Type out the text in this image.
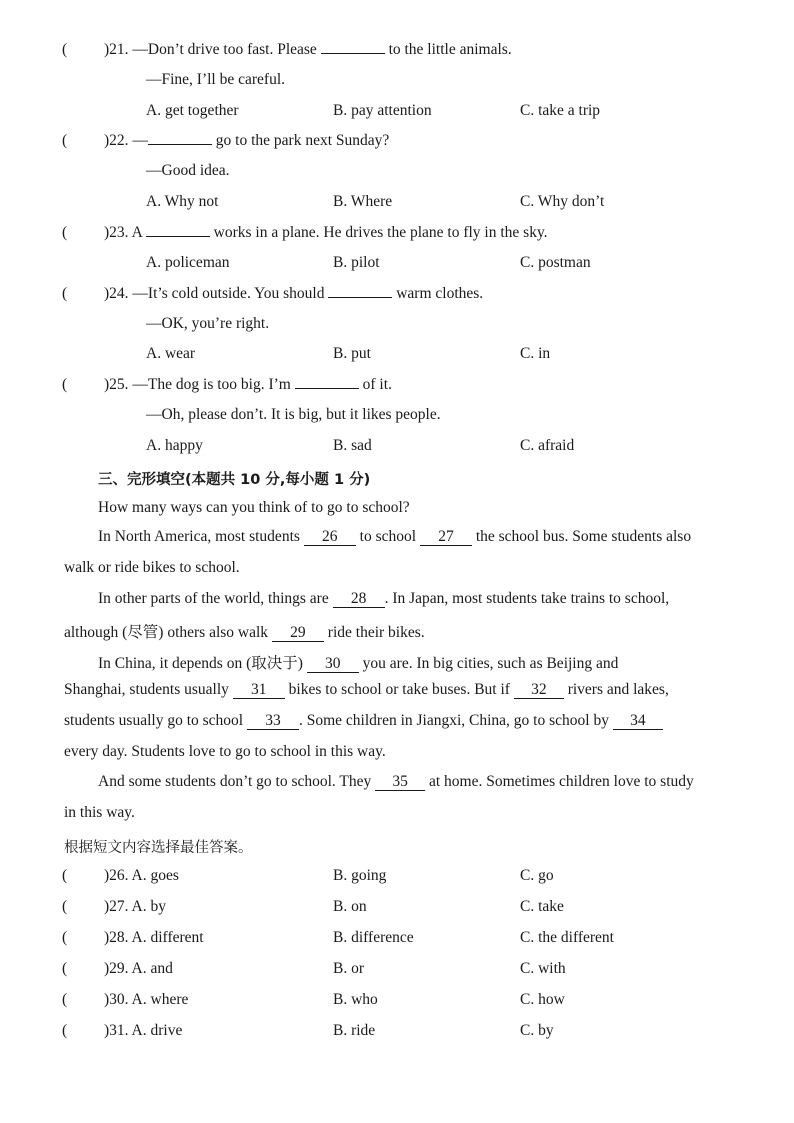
( )21. —Don’t drive too fast. Please	to the little animals.
—Fine, I’ll be careful.
A. get together	B. pay attention	C. take a trip
( )22. —	go to the park next Sunday?
—Good idea.
A. Why not	B. Where	C. Why don’t
( )23. A	works in a plane. He drives the plane to fly in the sky.
A. policeman	B. pilot	C. postman
( )24. —It’s cold outside. You should	warm clothes.
—OK, you’re right.
A. wear	B. put	C. in
( )25. —The dog is too big. I’m	of it.
—Oh, please don’t. It is big, but it likes people.
A. happy	B. sad	C. afraid
三、完形填空(本题共 10 分,每小题 1 分)
How many ways can you think of to go to school?
In North America, most students 26 to school 27 the school bus. Some students also
walk or ride bikes to school.
In other parts of the world, things are 28 . In Japan, most students take trains to school,
although (尽管) others also walk 29 ride their bikes.
In China, it depends on (取决于) 30 you are. In big cities, such as Beijing and
Shanghai, students usually 31 bikes to school or take buses. But if 32 rivers and lakes,
students usually go to school 33 . Some children in Jiangxi, China, go to school by 34
every day. Students love to go to school in this way.
And some students don’t go to school. They 35 at home. Sometimes children love to study
in this way.
根据短文内容选择最佳答案。
( )26. A. goes	B. going	C. go
( )27. A. by	B. on	C. take
( )28. A. different	B. difference	C. the different
( )29. A. and	B. or	C. with
( )30. A. where	B. who	C. how
( )31. A. drive	B. ride	C. by
